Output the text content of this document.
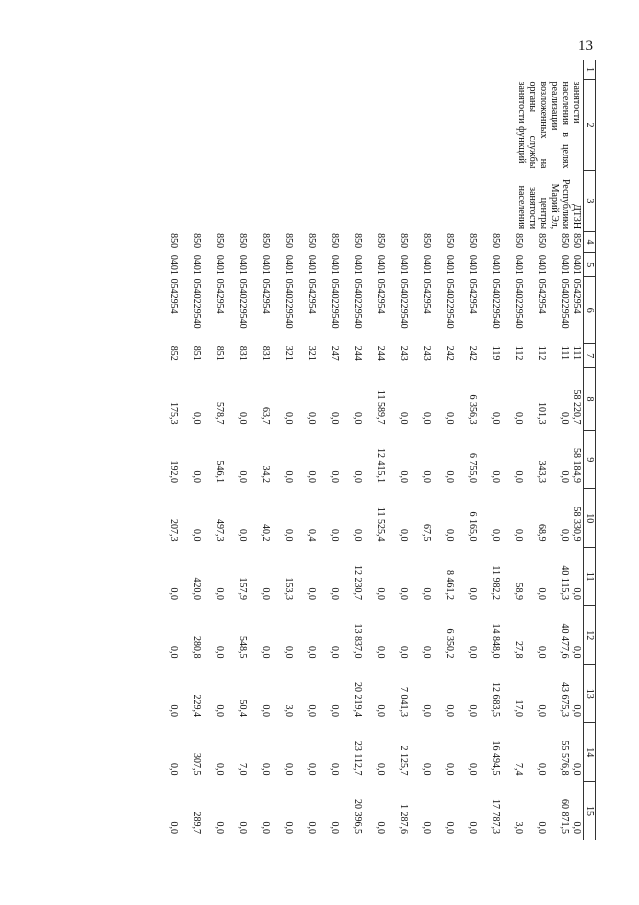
13
1	2	3	4	5	6	7	8	9	10	11	12	13	14	15
	занятости населения в целях реализации возложенных на органы службы занятости функций	ДТЗН Республики Марий Эл, центры занятости населения	850	0401	0542954	111	58 220,7	58 184,9	58 330,9	0,0	0,0	0,0	0,0	0,0
			850	0401	0540229540	111	0,0	0,0	0,0	40 115,3	40 477,6	43 675,3	55 576,8	60 871,5
			850	0401	0542954	112	101,3	343,3	68,9	0,0	0,0	0,0	0,0	0,0
			850	0401	0540229540	112	0,0	0,0	0,0	58,9	27,8	17,0	7,4	3,0
			850	0401	0540229540	119	0,0	0,0	0,0	11 982,2	14 848,0	12 683,5	16 494,5	17 787,3
			850	0401	0542954	242	6 356,3	6 755,0	6 165,0	0,0	0,0	0,0	0,0	0,0
			850	0401	0540229540	242	0,0	0,0	0,0	8 461,2	6 350,2	0,0	0,0	0,0
			850	0401	0542954	243	0,0	0,0	67,5	0,0	0,0	0,0	0,0	0,0
			850	0401	0540229540	243	0,0	0,0	0,0	0,0	0,0	7 041,3	2 125,7	1 287,6
			850	0401	0542954	244	11 589,7	12 415,1	11 525,4	0,0	0,0	0,0	0,0	0,0
			850	0401	0540229540	244	0,0	0,0	0,0	12 230,7	13 837,0	20 219,4	23 112,7	20 396,5
			850	0401	0540229540	247	0,0	0,0	0,0	0,0	0,0	0,0	0,0	0,0
			850	0401	0542954	321	0,0	0,0	0,4	0,0	0,0	0,0	0,0	0,0
			850	0401	0540229540	321	0,0	0,0	0,0	153,3	0,0	3,0	0,0	0,0
			850	0401	0542954	831	63,7	34,2	40,2	0,0	0,0	0,0	0,0	0,0
			850	0401	0540229540	831	0,0	0,0	0,0	157,9	548,5	50,4	7,0	0,0
			850	0401	0542954	851	578,7	546,1	497,3	0,0	0,0	0,0	0,0	0,0
			850	0401	0540229540	851	0,0	0,0	0,0	420,0	280,8	229,4	307,5	289,7
			850	0401	0542954	852	175,3	192,0	207,3	0,0	0,0	0,0	0,0	0,0
